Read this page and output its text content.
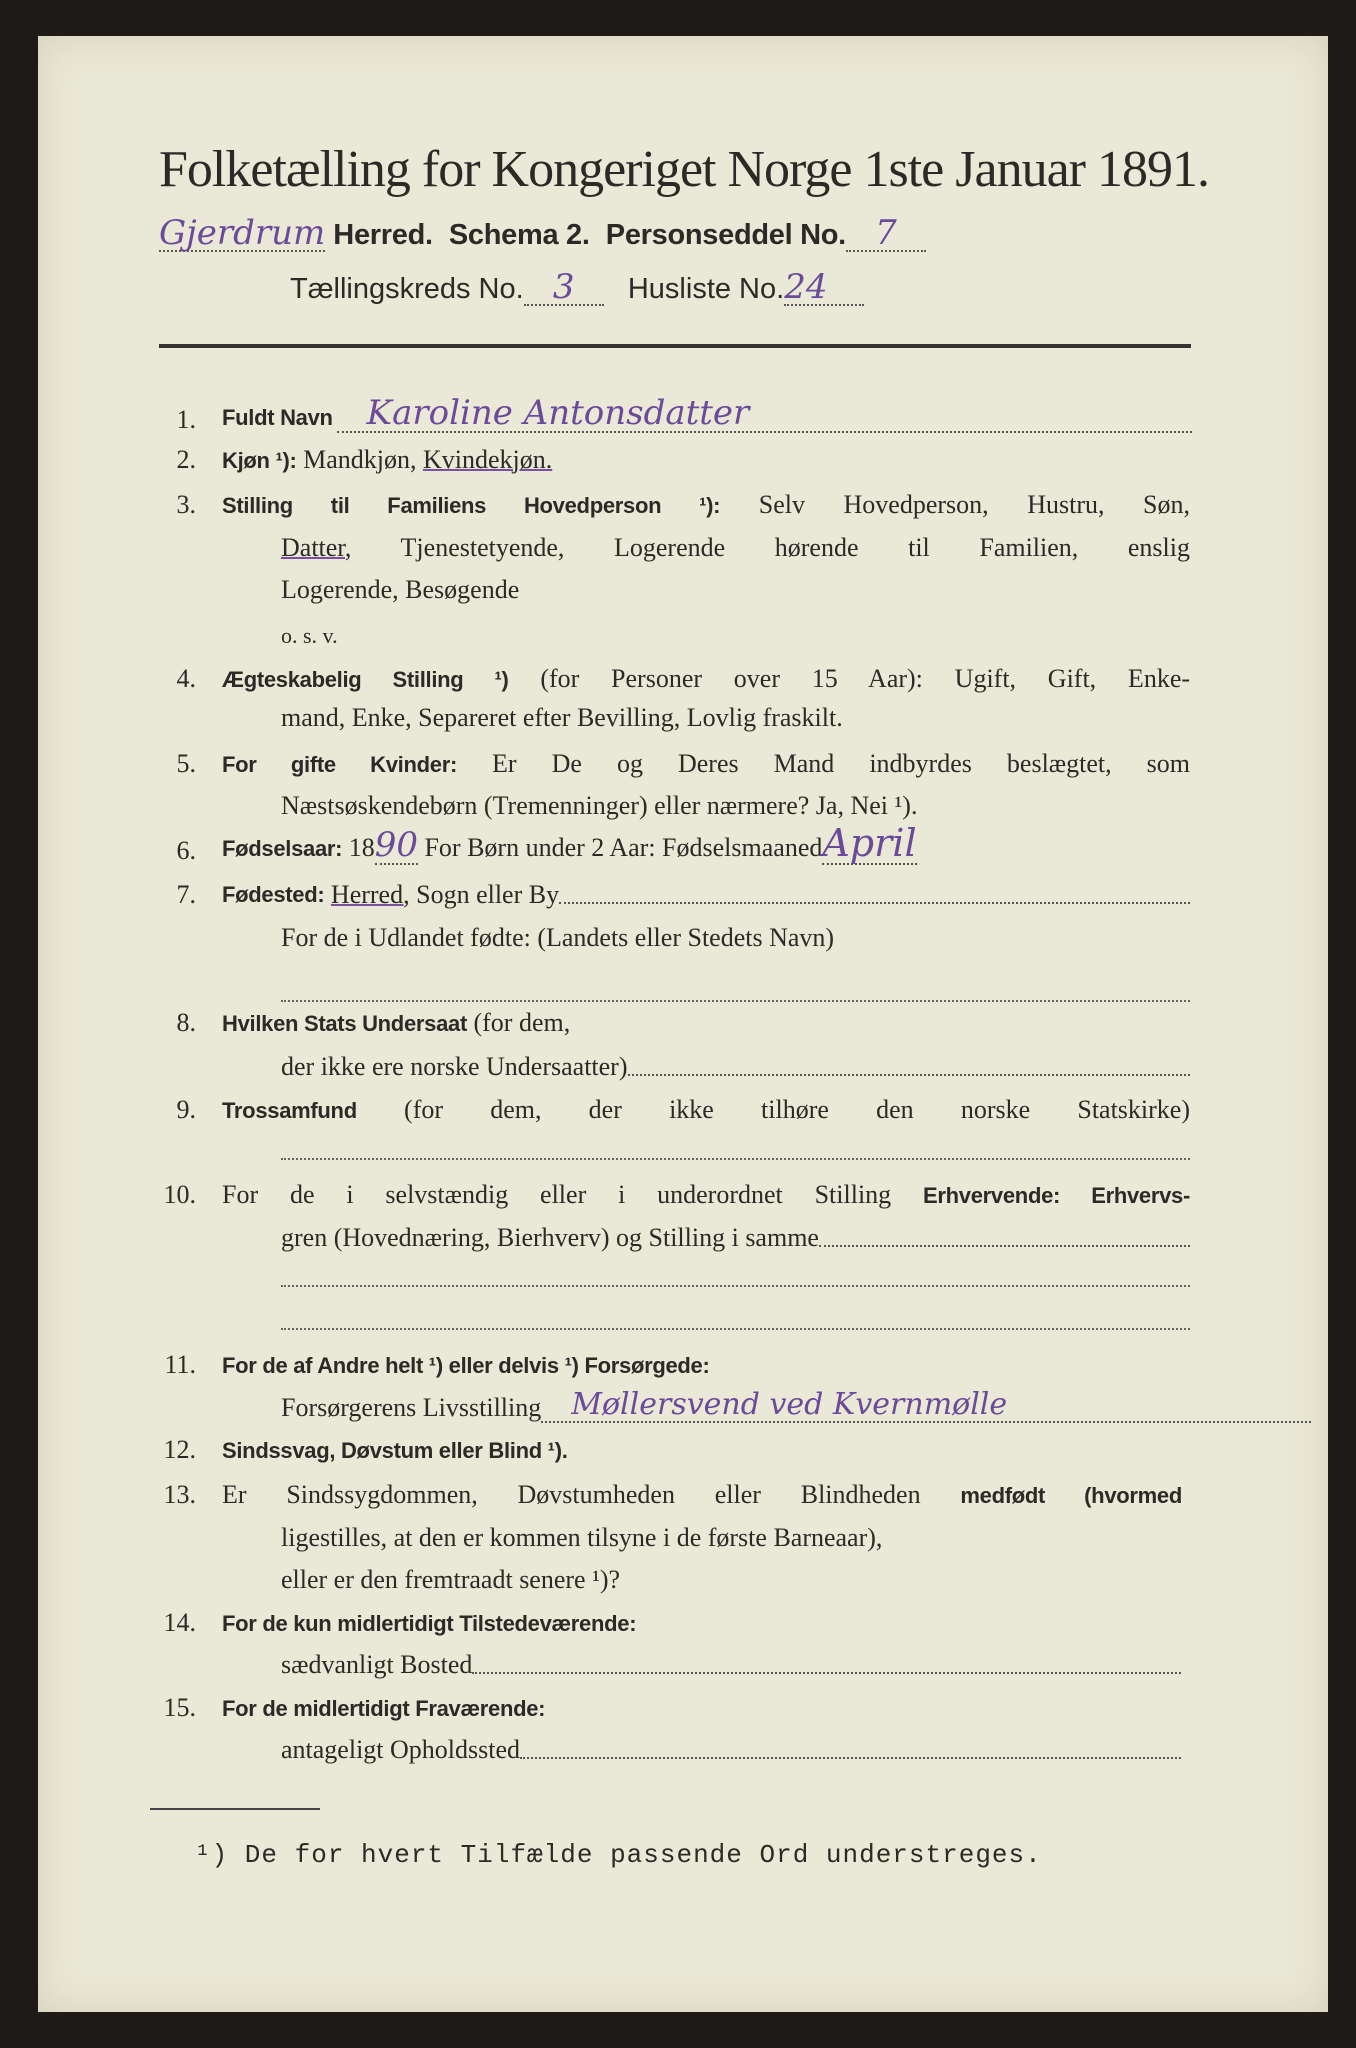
Folketælling for Kongeriget Norge 1ste Januar 1891.
Gjerdrum Herred. Schema 2. Personseddel No. 7
Tællingskreds No. 3 Husliste No.24
1. Fuldt Navn	Karoline Antonsdatter
2. Kjøn ¹): Mandkjøn, Kvindekjøn.
3. Stilling til Familiens Hovedperson ¹): Selv Hovedperson, Hustru, Søn,
Datter, Tjenestetyende, Logerende hørende til Familien, enslig
Logerende, Besøgende
o. s. v.
4. Ægteskabelig Stilling ¹) (for Personer over 15 Aar): Ugift, Gift, Enke-
mand, Enke, Separeret efter Bevilling, Lovlig fraskilt.
5. For gifte Kvinder: Er De og Deres Mand indbyrdes beslægtet, som
Næstsøskendebørn (Tremenninger) eller nærmere? Ja, Nei ¹).
6. Fødselsaar: 1890 For Børn under 2 Aar: FødselsmaanedApril
7. Fødested:
Herred,
Sogn eller By
For de i Udlandet fødte: (Landets eller Stedets Navn)
8. Hvilken Stats Undersaat (for dem,
der ikke ere norske Undersaatter)
9. Trossamfund (for dem, der ikke tilhøre den norske Statskirke)
10. For de i selvstændig eller i underordnet Stilling Erhvervende: Erhvervs-
gren (Hovednæring, Bierhverv) og Stilling i samme
11. For de af Andre helt ¹) eller delvis ¹) Forsørgede:
Forsørgerens Livsstilling	Møllersvend ved Kvernmølle
12. Sindssvag, Døvstum eller Blind ¹).
13. Er Sindssygdommen, Døvstumheden eller Blindheden medfødt (hvormed
ligestilles, at den er kommen tilsyne i de første Barneaar),
eller er den fremtraadt senere ¹)?
14. For de kun midlertidigt Tilstedeværende:
sædvanligt Bosted
15. For de midlertidigt Fraværende:
antageligt Opholdssted
¹) De for hvert Tilfælde passende Ord understreges.
